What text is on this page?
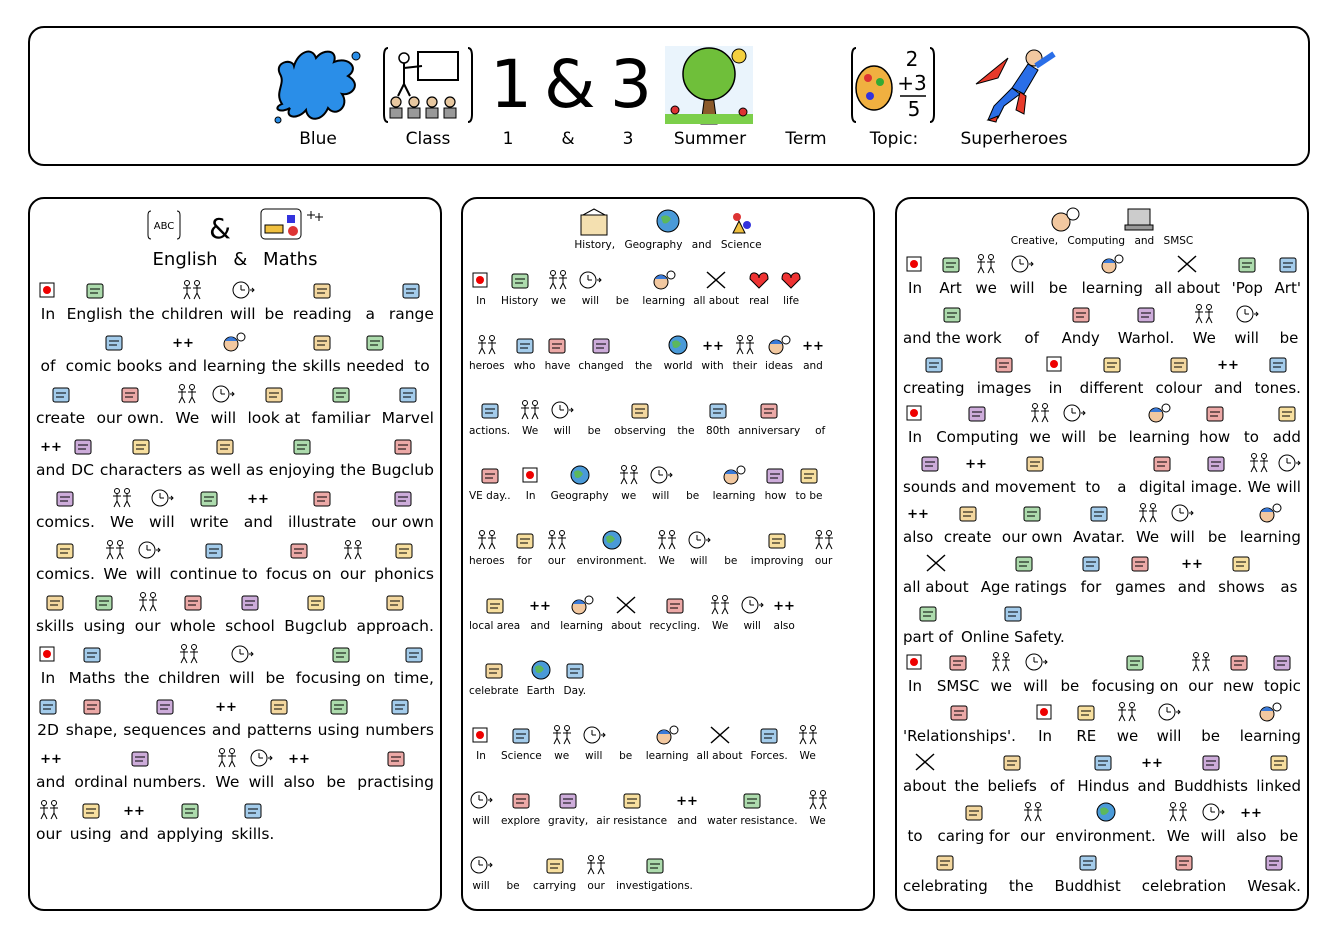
1 & 3	2
+3
5
Blue	Class	1	&	3 Summer Term	Topic: Superheroes
ABC &
English & Maths
In English the children will be reading a range
of comic books
++
and learning the skills needed to
create our own. We will look at familiar Marvel
++
and DC characters as well as enjoying the Bugclub
comics. We will write
++
and illustrate our own
comics. We will continue to focus on our phonics
skills using our whole school Bugclub approach.
In Maths the children will be focusing on time,
2D shape, sequences
++
and patterns using numbers
++
and ordinal numbers. We will
++
also be practising
our using
++
and applying skills.
History, Geography and Science
In History we will be learning all about real life
heroes who have changed the world
++
with their ideas
++
and
actions. We will be observing the 80th anniversary of
VE day.. In Geography we will be learning how to be
heroes for our environment. We will be improving our
local area
++
and learning about recycling. We will
++
also
celebrate Earth Day.
In Science we will be learning all about Forces. We
will explore gravity, air resistance
++
and water resistance. We
will be carrying our investigations.
Creative, Computing and SMSC
In Art we will be learning all about 'Pop Art'
and the work of Andy Warhol. We will be
creating images in different colour
++
and tones.
In Computing we will be learning how to add
sounds
++
and movement to a digital image. We will
++
also create our own Avatar. We will be learning
all about Age ratings for games
++
and shows as
part of Online Safety.
In SMSC we will be focusing on our new topic
'Relationships'. In RE we will be learning
about the beliefs of Hindus
++
and Buddhists linked
to caring for our environment. We will
++
also be
celebrating the Buddhist celebration Wesak.
